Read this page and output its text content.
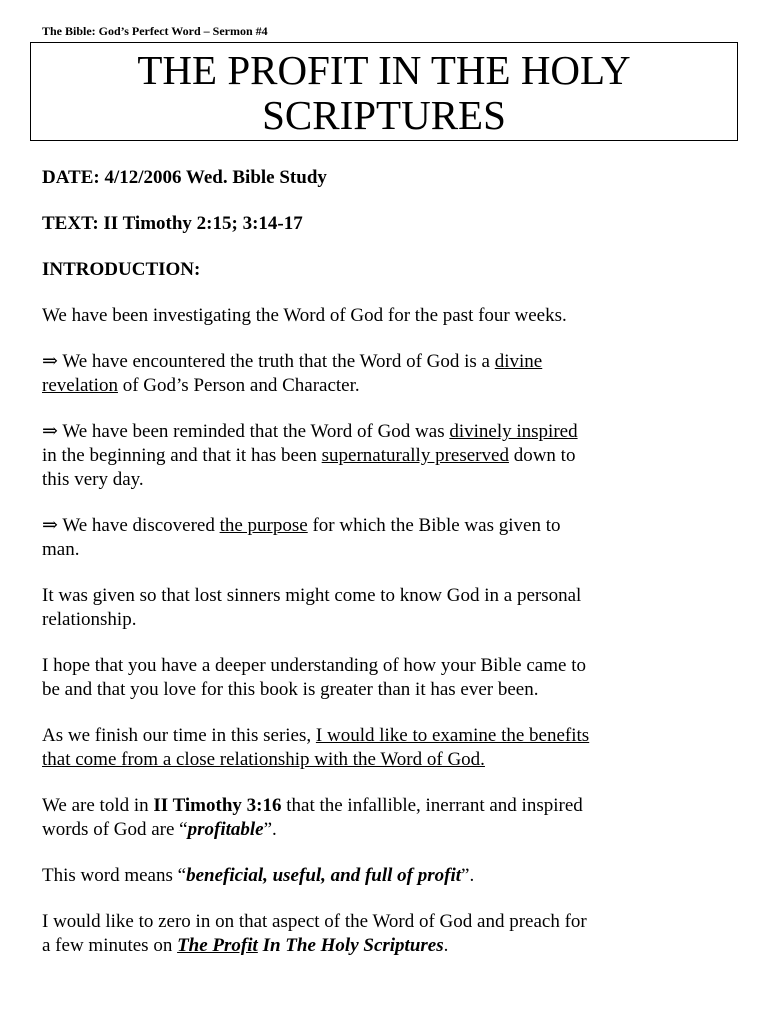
The Bible: God’s Perfect Word – Sermon #4
THE PROFIT IN THE HOLY
SCRIPTURES

DATE: 4/12/2006 Wed. Bible Study

TEXT: II Timothy 2:15; 3:14-17

INTRODUCTION:

We have been investigating the Word of God for the past four weeks.

⇒ We have encountered the truth that the Word of God is a divine
revelation of God’s Person and Character.

⇒ We have been reminded that the Word of God was divinely inspired
in the beginning and that it has been supernaturally preserved down to
this very day.

⇒ We have discovered the purpose for which the Bible was given to
man.

It was given so that lost sinners might come to know God in a personal
relationship.

I hope that you have a deeper understanding of how your Bible came to
be and that you love for this book is greater than it has ever been.

As we finish our time in this series, I would like to examine the benefits
that come from a close relationship with the Word of God.

We are told in II Timothy 3:16 that the infallible, inerrant and inspired
words of God are “profitable”.

This word means “beneficial, useful, and full of profit”.

I would like to zero in on that aspect of the Word of God and preach for
a few minutes on The Profit In The Holy Scriptures.
